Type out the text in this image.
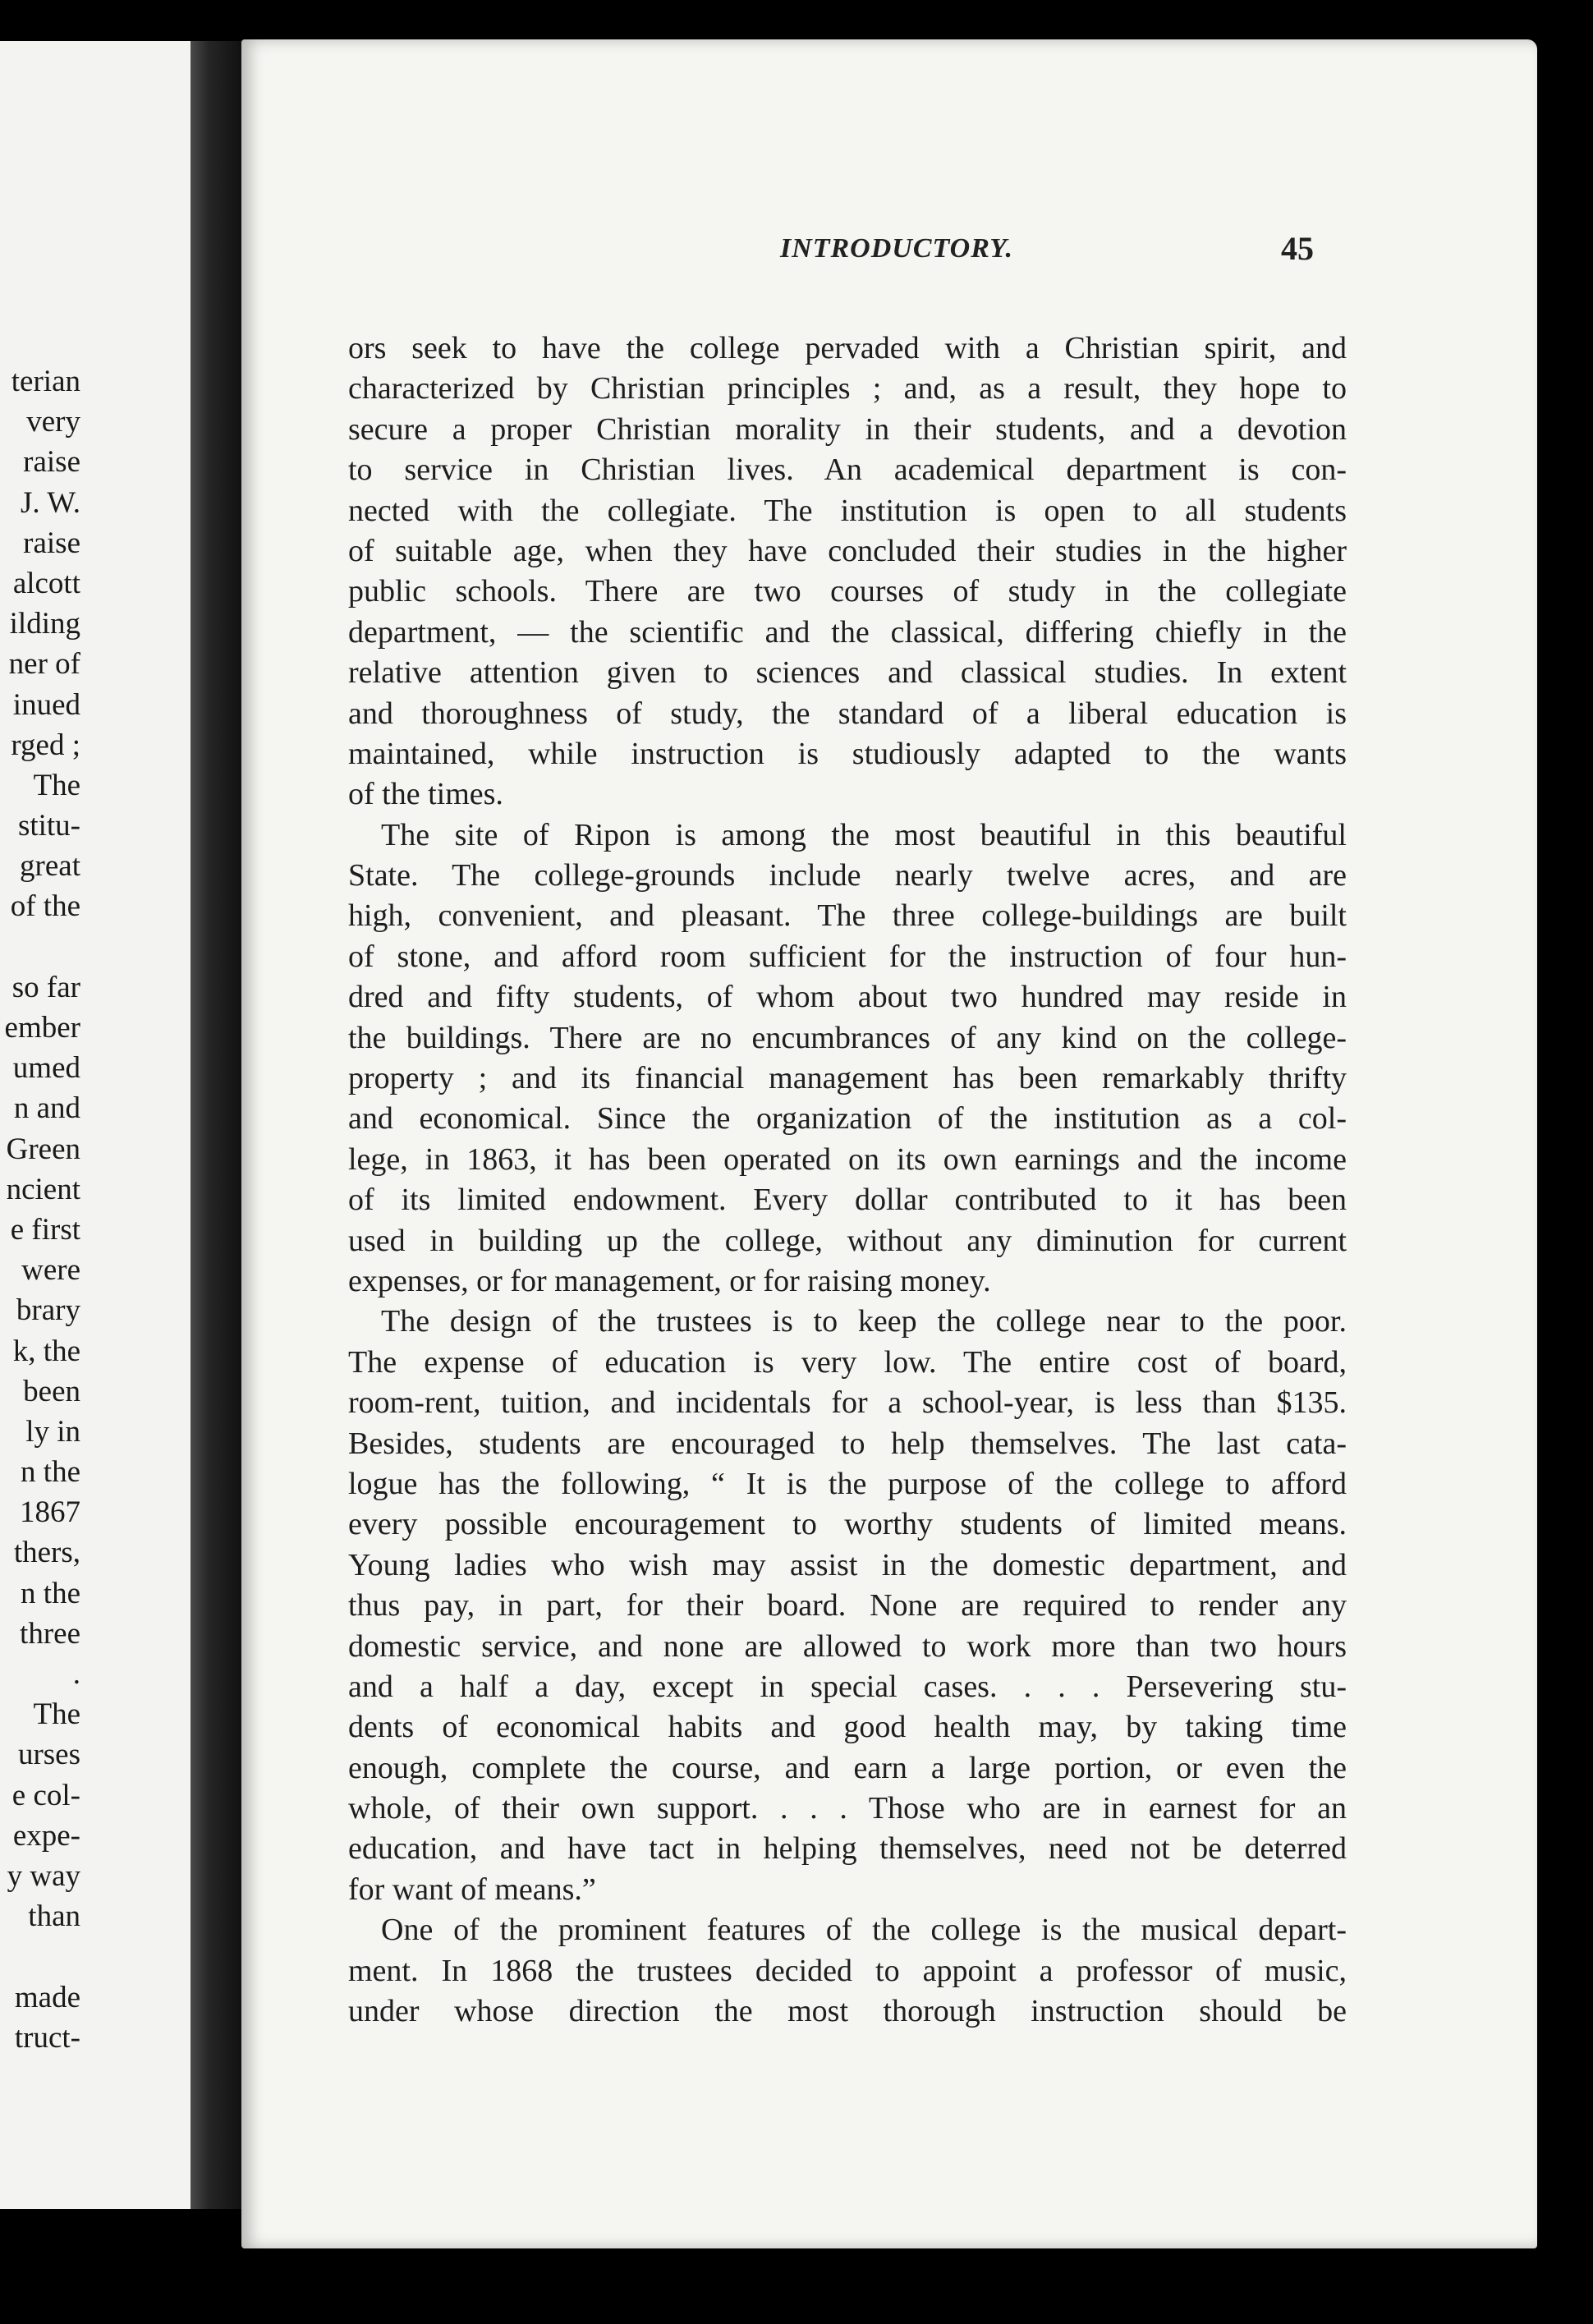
terian
very
raise
J. W.
raise
alcott
ilding
ner of
inued
rged ;
The
stitu-
great
of the
so far
ember
umed
n and
Green
ncient
e first
were
brary
k, the
been
ly in
n the
1867
thers,
n the
three
.
The
urses
e col-
expe-
y way
than
made
truct-
INTRODUCTORY.	45
ors seek to have the college pervaded with a Christian spirit, and
characterized by Christian principles ; and, as a result, they hope to
secure a proper Christian morality in their students, and a devotion
to service in Christian lives. An academical department is con-
nected with the collegiate. The institution is open to all students
of suitable age, when they have concluded their studies in the higher
public schools. There are two courses of study in the collegiate
department, — the scientific and the classical, differing chiefly in the
relative attention given to sciences and classical studies. In extent
and thoroughness of study, the standard of a liberal education is
maintained, while instruction is studiously adapted to the wants
of the times.
The site of Ripon is among the most beautiful in this beautiful
State. The college-grounds include nearly twelve acres, and are
high, convenient, and pleasant. The three college-buildings are built
of stone, and afford room sufficient for the instruction of four hun-
dred and fifty students, of whom about two hundred may reside in
the buildings. There are no encumbrances of any kind on the college-
property ; and its financial management has been remarkably thrifty
and economical. Since the organization of the institution as a col-
lege, in 1863, it has been operated on its own earnings and the income
of its limited endowment. Every dollar contributed to it has been
used in building up the college, without any diminution for current
expenses, or for management, or for raising money.
The design of the trustees is to keep the college near to the poor.
The expense of education is very low. The entire cost of board,
room-rent, tuition, and incidentals for a school-year, is less than $135.
Besides, students are encouraged to help themselves. The last cata-
logue has the following, “ It is the purpose of the college to afford
every possible encouragement to worthy students of limited means.
Young ladies who wish may assist in the domestic department, and
thus pay, in part, for their board. None are required to render any
domestic service, and none are allowed to work more than two hours
and a half a day, except in special cases. . . . Persevering stu-
dents of economical habits and good health may, by taking time
enough, complete the course, and earn a large portion, or even the
whole, of their own support. . . . Those who are in earnest for an
education, and have tact in helping themselves, need not be deterred
for want of means.”
One of the prominent features of the college is the musical depart-
ment. In 1868 the trustees decided to appoint a professor of music,
under whose direction the most thorough instruction should be
